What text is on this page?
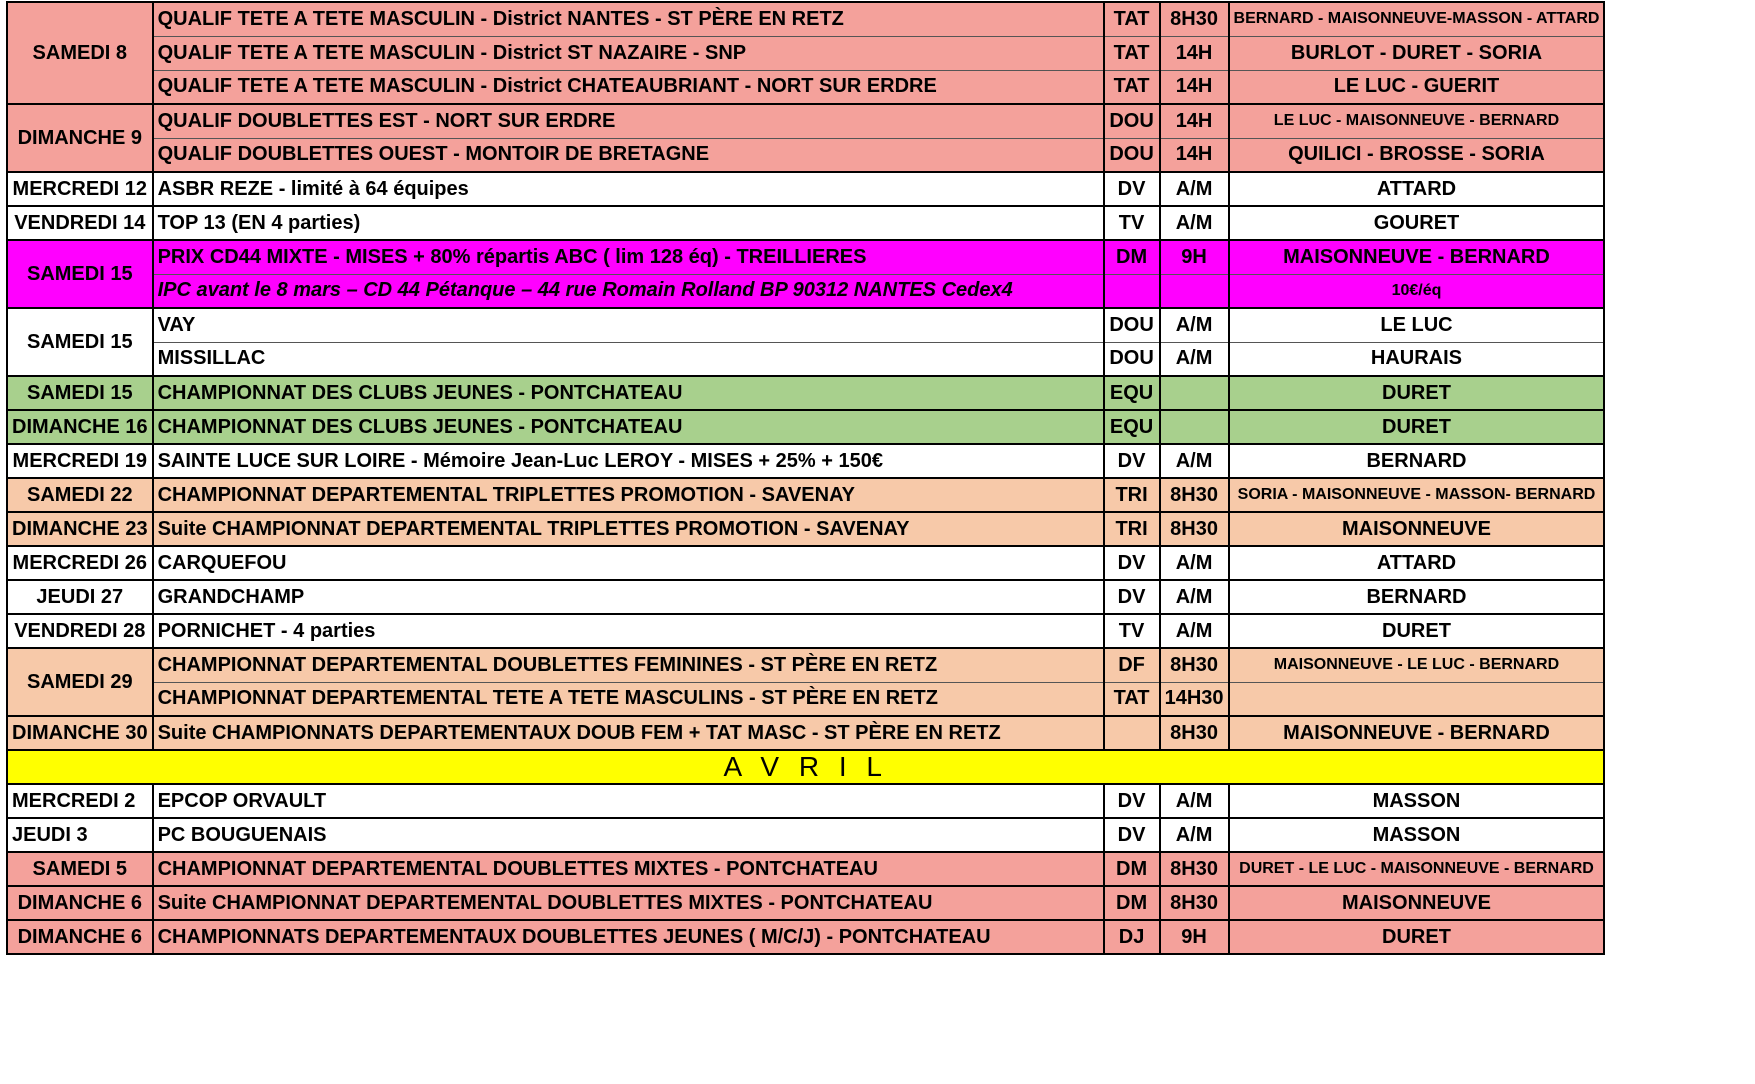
SAMEDI 8	QUALIF TETE A TETE MASCULIN - District NANTES - ST PÈRE EN RETZ	TAT	8H30	BERNARD - MAISONNEUVE-MASSON - ATTARD
	QUALIF TETE A TETE MASCULIN - District ST NAZAIRE - SNP	TAT	14H	BURLOT - DURET - SORIA
	QUALIF TETE A TETE MASCULIN - District CHATEAUBRIANT - NORT SUR ERDRE	TAT	14H	LE LUC - GUERIT
DIMANCHE 9	QUALIF DOUBLETTES EST - NORT SUR ERDRE	DOU	14H	LE LUC - MAISONNEUVE - BERNARD
	QUALIF DOUBLETTES OUEST - MONTOIR DE BRETAGNE	DOU	14H	QUILICI - BROSSE - SORIA
MERCREDI 12	ASBR REZE - limité à 64 équipes	DV	A/M	ATTARD
VENDREDI 14	TOP 13 (EN 4 parties)	TV	A/M	GOURET
SAMEDI 15	PRIX CD44 MIXTE - MISES + 80% répartis ABC ( lim 128 éq) - TREILLIERES	DM	9H	MAISONNEUVE - BERNARD
	IPC avant le 8 mars – CD 44 Pétanque – 44 rue Romain Rolland BP 90312 NANTES Cedex4			10€/éq
SAMEDI 15	VAY	DOU	A/M	LE LUC
	MISSILLAC	DOU	A/M	HAURAIS
SAMEDI 15	CHAMPIONNAT DES CLUBS JEUNES - PONTCHATEAU	EQU		DURET
DIMANCHE 16	CHAMPIONNAT DES CLUBS JEUNES - PONTCHATEAU	EQU		DURET
MERCREDI 19	SAINTE LUCE SUR LOIRE - Mémoire Jean-Luc LEROY - MISES + 25% + 150€	DV	A/M	BERNARD
SAMEDI 22	CHAMPIONNAT DEPARTEMENTAL TRIPLETTES PROMOTION - SAVENAY	TRI	8H30	SORIA - MAISONNEUVE - MASSON- BERNARD
DIMANCHE 23	Suite CHAMPIONNAT DEPARTEMENTAL TRIPLETTES PROMOTION - SAVENAY	TRI	8H30	MAISONNEUVE
MERCREDI 26	CARQUEFOU	DV	A/M	ATTARD
JEUDI 27	GRANDCHAMP	DV	A/M	BERNARD
VENDREDI 28	PORNICHET - 4 parties	TV	A/M	DURET
SAMEDI 29	CHAMPIONNAT DEPARTEMENTAL DOUBLETTES FEMININES - ST PÈRE EN RETZ	DF	8H30	MAISONNEUVE - LE LUC - BERNARD
	CHAMPIONNAT DEPARTEMENTAL TETE A TETE MASCULINS - ST PÈRE EN RETZ	TAT	14H30	
DIMANCHE 30	Suite CHAMPIONNATS DEPARTEMENTAUX DOUB FEM + TAT MASC - ST PÈRE EN RETZ		8H30	MAISONNEUVE - BERNARD
A V R I L				
MERCREDI 2	EPCOP ORVAULT	DV	A/M	MASSON
JEUDI 3	PC BOUGUENAIS	DV	A/M	MASSON
SAMEDI 5	CHAMPIONNAT DEPARTEMENTAL DOUBLETTES MIXTES - PONTCHATEAU	DM	8H30	DURET - LE LUC - MAISONNEUVE - BERNARD
DIMANCHE 6	Suite CHAMPIONNAT DEPARTEMENTAL DOUBLETTES MIXTES - PONTCHATEAU	DM	8H30	MAISONNEUVE
DIMANCHE 6	CHAMPIONNATS DEPARTEMENTAUX DOUBLETTES JEUNES ( M/C/J) - PONTCHATEAU	DJ	9H	DURET
